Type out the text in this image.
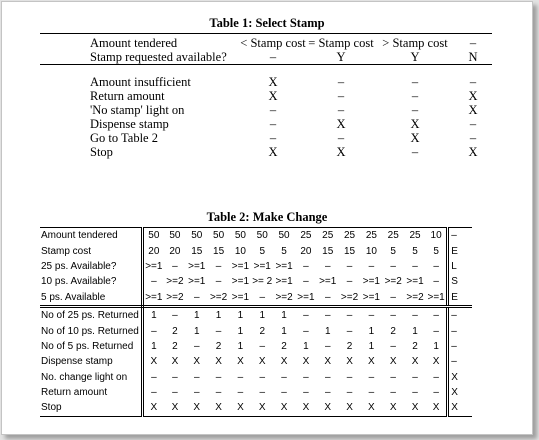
Table 1: Select Stamp
Amount tendered	< Stamp cost	= Stamp cost	> Stamp cost	–
Stamp requested available?	–	Y	Y	N

Amount insufficient	X	–	–	–
Return amount	X	–	–	X
'No stamp' light on	–	–	–	X
Dispense stamp	–	X	X	–
Go to Table 2	–	–	X	–
Stop	X	X	–	X
Table 2: Make Change
Amount tendered	50	50	50	50	50	50	50	25	25	25	25	25	25	10	–
Stamp cost	20	20	15	15	10	5	5	20	15	15	10	5	5	5	E
25 ps. Available?	>=1	–	>=1	–	>=1	>=1	>=1	–	–	–	–	–	–	–	L
10 ps. Available?	–	>=2	>=1	–	>=1	>= 2	>=1	–	>=1	–	>=1	>=2	>=1	–	S
5 ps. Available	>=1	>=2	–	>=2	>=1	–	>=2	>=1	–	>=2	>=1	–	>=2	>=1	E
No of 25 ps. Returned	1	–	1	1	1	1	1	–	–	–	–	–	–	–	–
No of 10 ps. Returned	–	2	1	–	1	2	1	–	1	–	1	2	1	–	–
No of 5 ps. Returned	1	2	–	2	1	–	2	1	–	2	1	–	2	1	–
Dispense stamp	X	X	X	X	X	X	X	X	X	X	X	X	X	X	–
No. change light on	–	–	–	–	–	–	–	–	–	–	–	–	–	–	X
Return amount	–	–	–	–	–	–	–	–	–	–	–	–	–	–	X
Stop	X	X	X	X	X	X	X	X	X	X	X	X	X	X	X
